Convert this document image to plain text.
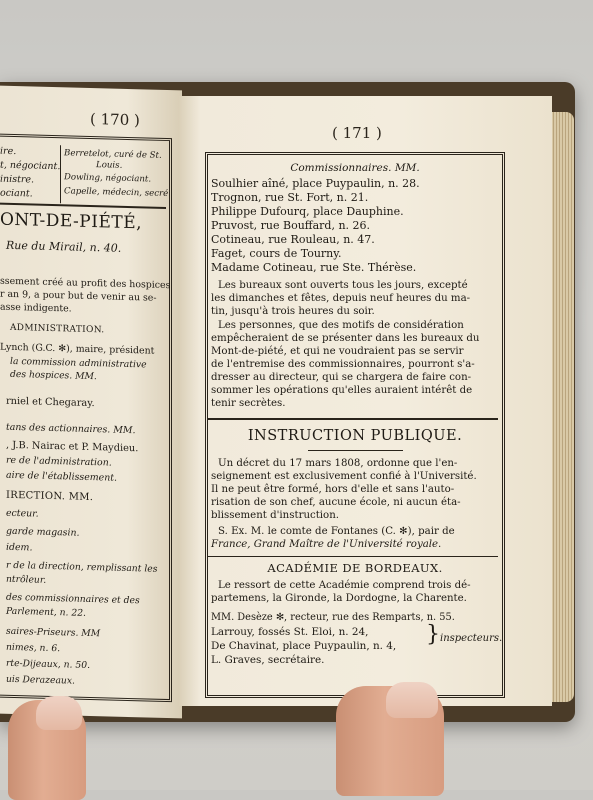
( 170 )
ire.
t, négociant.
inistre.
ociant.
Berretelot, curé de St.
Louis.
Dowling, négociant.
Capelle, médecin, secré
ONT-DE-PIÉTÉ,
Rue du Mirail, n. 40.
ssement créé au profit des hospices
r an 9, a pour but de venir au se-
asse indigente.
ADMINISTRATION.
Lynch (G.C. ✻), maire, président
la commission administrative
des hospices. MM.
rniel et Chegaray.
tans des actionnaires. MM.
, J.B. Nairac et P. Maydieu.
re de l'administration.
aire de l'établissement.
IRECTION. MM.
ecteur.
garde magasin.
idem.
r de la direction, remplissant les
ntrôleur.
des commissionnaires et des
Parlement, n. 22.
saires-Priseurs. MM
nimes, n. 6.
rte-Dijeaux, n. 50.
uis Derazeaux.
( 171 )
Commissionnaires. MM.
Soulhier aîné, place Puypaulin, n. 28.
Trognon, rue St. Fort, n. 21.
Philippe Dufourq, place Dauphine.
Pruvost, rue Bouffard, n. 26.
Cotineau, rue Rouleau, n. 47.
Faget, cours de Tourny.
Madame Cotineau, rue Ste. Thérèse.
Les bureaux sont ouverts tous les jours, excepté
les dimanches et fêtes, depuis neuf heures du ma-
tin, jusqu'à trois heures du soir.
Les personnes, que des motifs de considération
empêcheraient de se présenter dans les bureaux du
Mont-de-piété, et qui ne voudraient pas se servir
de l'entremise des commissionnaires, pourront s'a-
dresser au directeur, qui se chargera de faire con-
sommer les opérations qu'elles auraient intérêt de
tenir secrètes.
INSTRUCTION PUBLIQUE.
Un décret du 17 mars 1808, ordonne que l'en-
seignement est exclusivement confié à l'Université.
Il ne peut être formé, hors d'elle et sans l'auto-
risation de son chef, aucune école, ni aucun éta-
blissement d'instruction.
S. Ex. M. le comte de Fontanes (C. ✻), pair de
France, Grand Maître de l'Université royale.
ACADÉMIE DE BORDEAUX.
Le ressort de cette Académie comprend trois dé-
partemens, la Gironde, la Dordogne, la Charente.
MM. Desèze ✻, recteur, rue des Remparts, n. 55.
Larrouy, fossés St. Eloi, n. 24,
De Chavinat, place Puypaulin, n. 4,
L. Graves, secrétaire.
} inspecteurs.
